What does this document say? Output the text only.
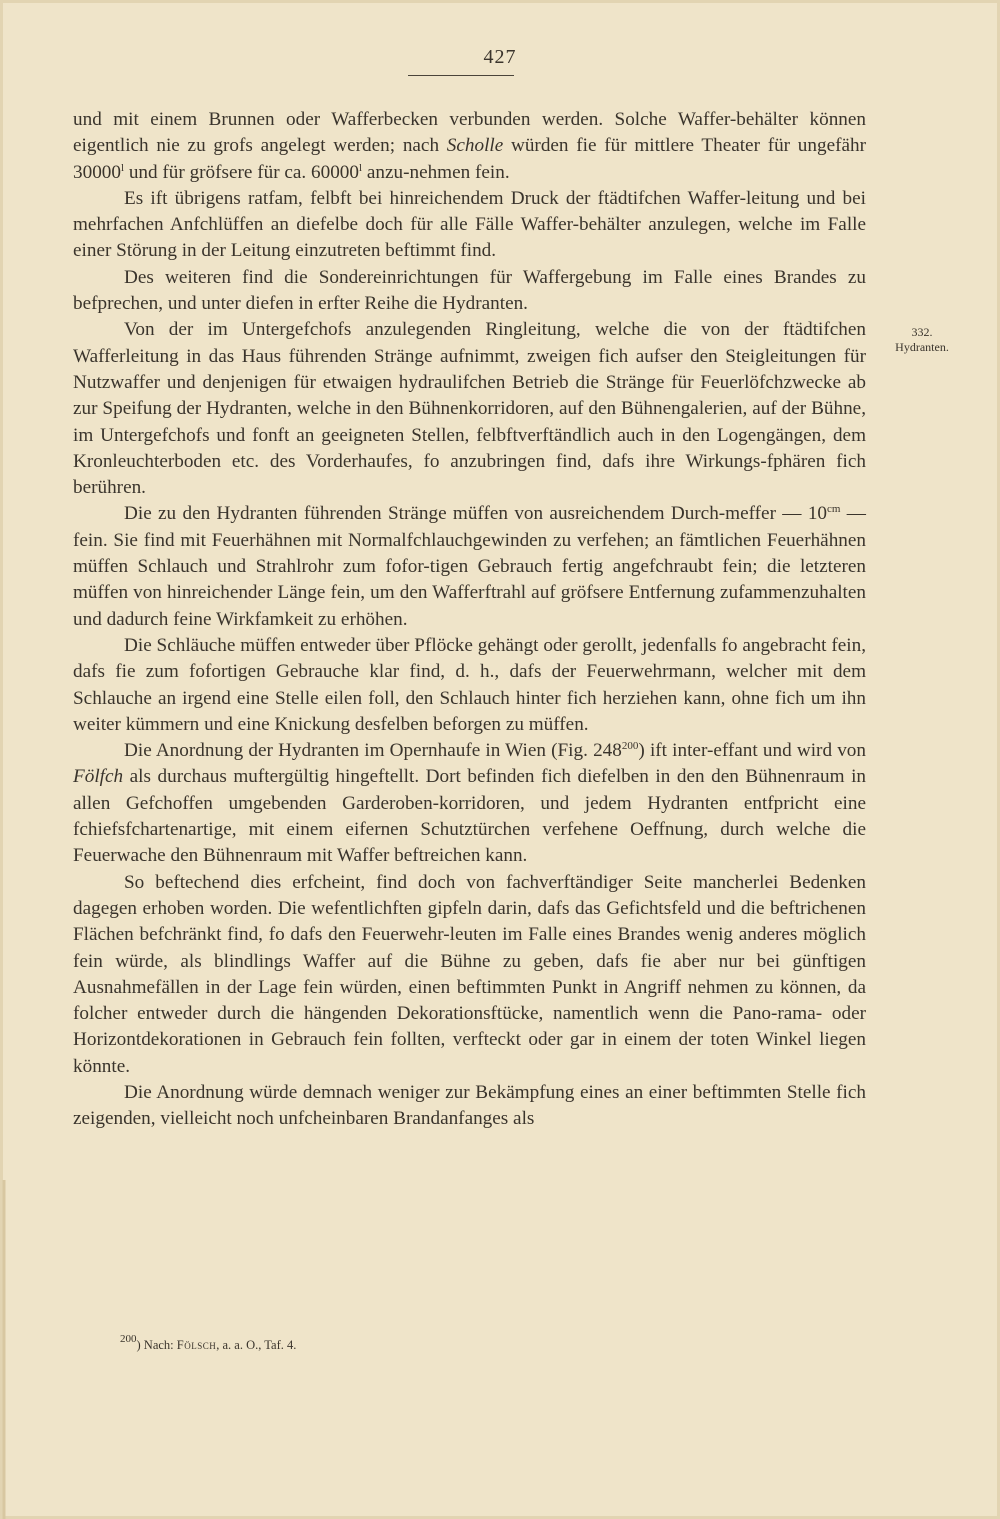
427
332.
Hydranten.

und mit einem Brunnen oder Wafferbecken verbunden werden. Solche Waffer-behälter können eigentlich nie zu grofs angelegt werden; nach Scholle würden fie für mittlere Theater für ungefähr 30000$^l$ und für gröfsere für ca. 60000$^l$ anzu-nehmen fein.

Es ift übrigens ratfam, felbft bei hinreichendem Druck der ftädtifchen Waffer-leitung und bei mehrfachen Anfchlüffen an diefelbe doch für alle Fälle Waffer-behälter anzulegen, welche im Falle einer Störung in der Leitung einzutreten beftimmt find.

Des weiteren find die Sondereinrichtungen für Waffergebung im Falle eines Brandes zu befprechen, und unter diefen in erfter Reihe die Hydranten.

Von der im Untergefchofs anzulegenden Ringleitung, welche die von der ftädtifchen Wafferleitung in das Haus führenden Stränge aufnimmt, zweigen fich aufser den Steigleitungen für Nutzwaffer und denjenigen für etwaigen hydraulifchen Betrieb die Stränge für Feuerlöfchzwecke ab zur Speifung der Hydranten, welche in den Bühnenkorridoren, auf den Bühnengalerien, auf der Bühne, im Untergefchofs und fonft an geeigneten Stellen, felbftverftändlich auch in den Logengängen, dem Kronleuchterboden etc. des Vorderhaufes, fo anzubringen find, dafs ihre Wirkungs-fphären fich berühren.

Die zu den Hydranten führenden Stränge müffen von ausreichendem Durch-meffer — $10^{cm}$ — fein. Sie find mit Feuerhähnen mit Normalfchlauchgewinden zu verfehen; an fämtlichen Feuerhähnen müffen Schlauch und Strahlrohr zum fofor-tigen Gebrauch fertig angefchraubt fein; die letzteren müffen von hinreichender Länge fein, um den Wafferftrahl auf gröfsere Entfernung zufammenzuhalten und dadurch feine Wirkfamkeit zu erhöhen.

Die Schläuche müffen entweder über Pflöcke gehängt oder gerollt, jedenfalls fo angebracht fein, dafs fie zum fofortigen Gebrauche klar find, d. h., dafs der Feuerwehrmann, welcher mit dem Schlauche an irgend eine Stelle eilen foll, den Schlauch hinter fich herziehen kann, ohne fich um ihn weiter kümmern und eine Knickung desfelben beforgen zu müffen.

Die Anordnung der Hydranten im Opernhaufe in Wien (Fig. $248^{200}$) ift inter-effant und wird von Fölfch als durchaus muftergültig hingeftellt. Dort befinden fich diefelben in den den Bühnenraum in allen Gefchoffen umgebenden Garderoben-korridoren, und jedem Hydranten entfpricht eine fchiefsfchartenartige, mit einem eifernen Schutztürchen verfehene Oeffnung, durch welche die Feuerwache den Bühnenraum mit Waffer beftreichen kann.

So beftechend dies erfcheint, find doch von fachverftändiger Seite mancherlei Bedenken dagegen erhoben worden. Die wefentlichften gipfeln darin, dafs das Gefichtsfeld und die beftrichenen Flächen befchränkt find, fo dafs den Feuerwehr-leuten im Falle eines Brandes wenig anderes möglich fein würde, als blindlings Waffer auf die Bühne zu geben, dafs fie aber nur bei günftigen Ausnahmefällen in der Lage fein würden, einen beftimmten Punkt in Angriff nehmen zu können, da folcher entweder durch die hängenden Dekorationsftücke, namentlich wenn die Pano-rama- oder Horizontdekorationen in Gebrauch fein follten, verfteckt oder gar in einem der toten Winkel liegen könnte.

Die Anordnung würde demnach weniger zur Bekämpfung eines an einer beftimmten Stelle fich zeigenden, vielleicht noch unfcheinbaren Brandanfanges als

$^{200}$) Nach: Fölsch, a. a. O., Taf. 4.
